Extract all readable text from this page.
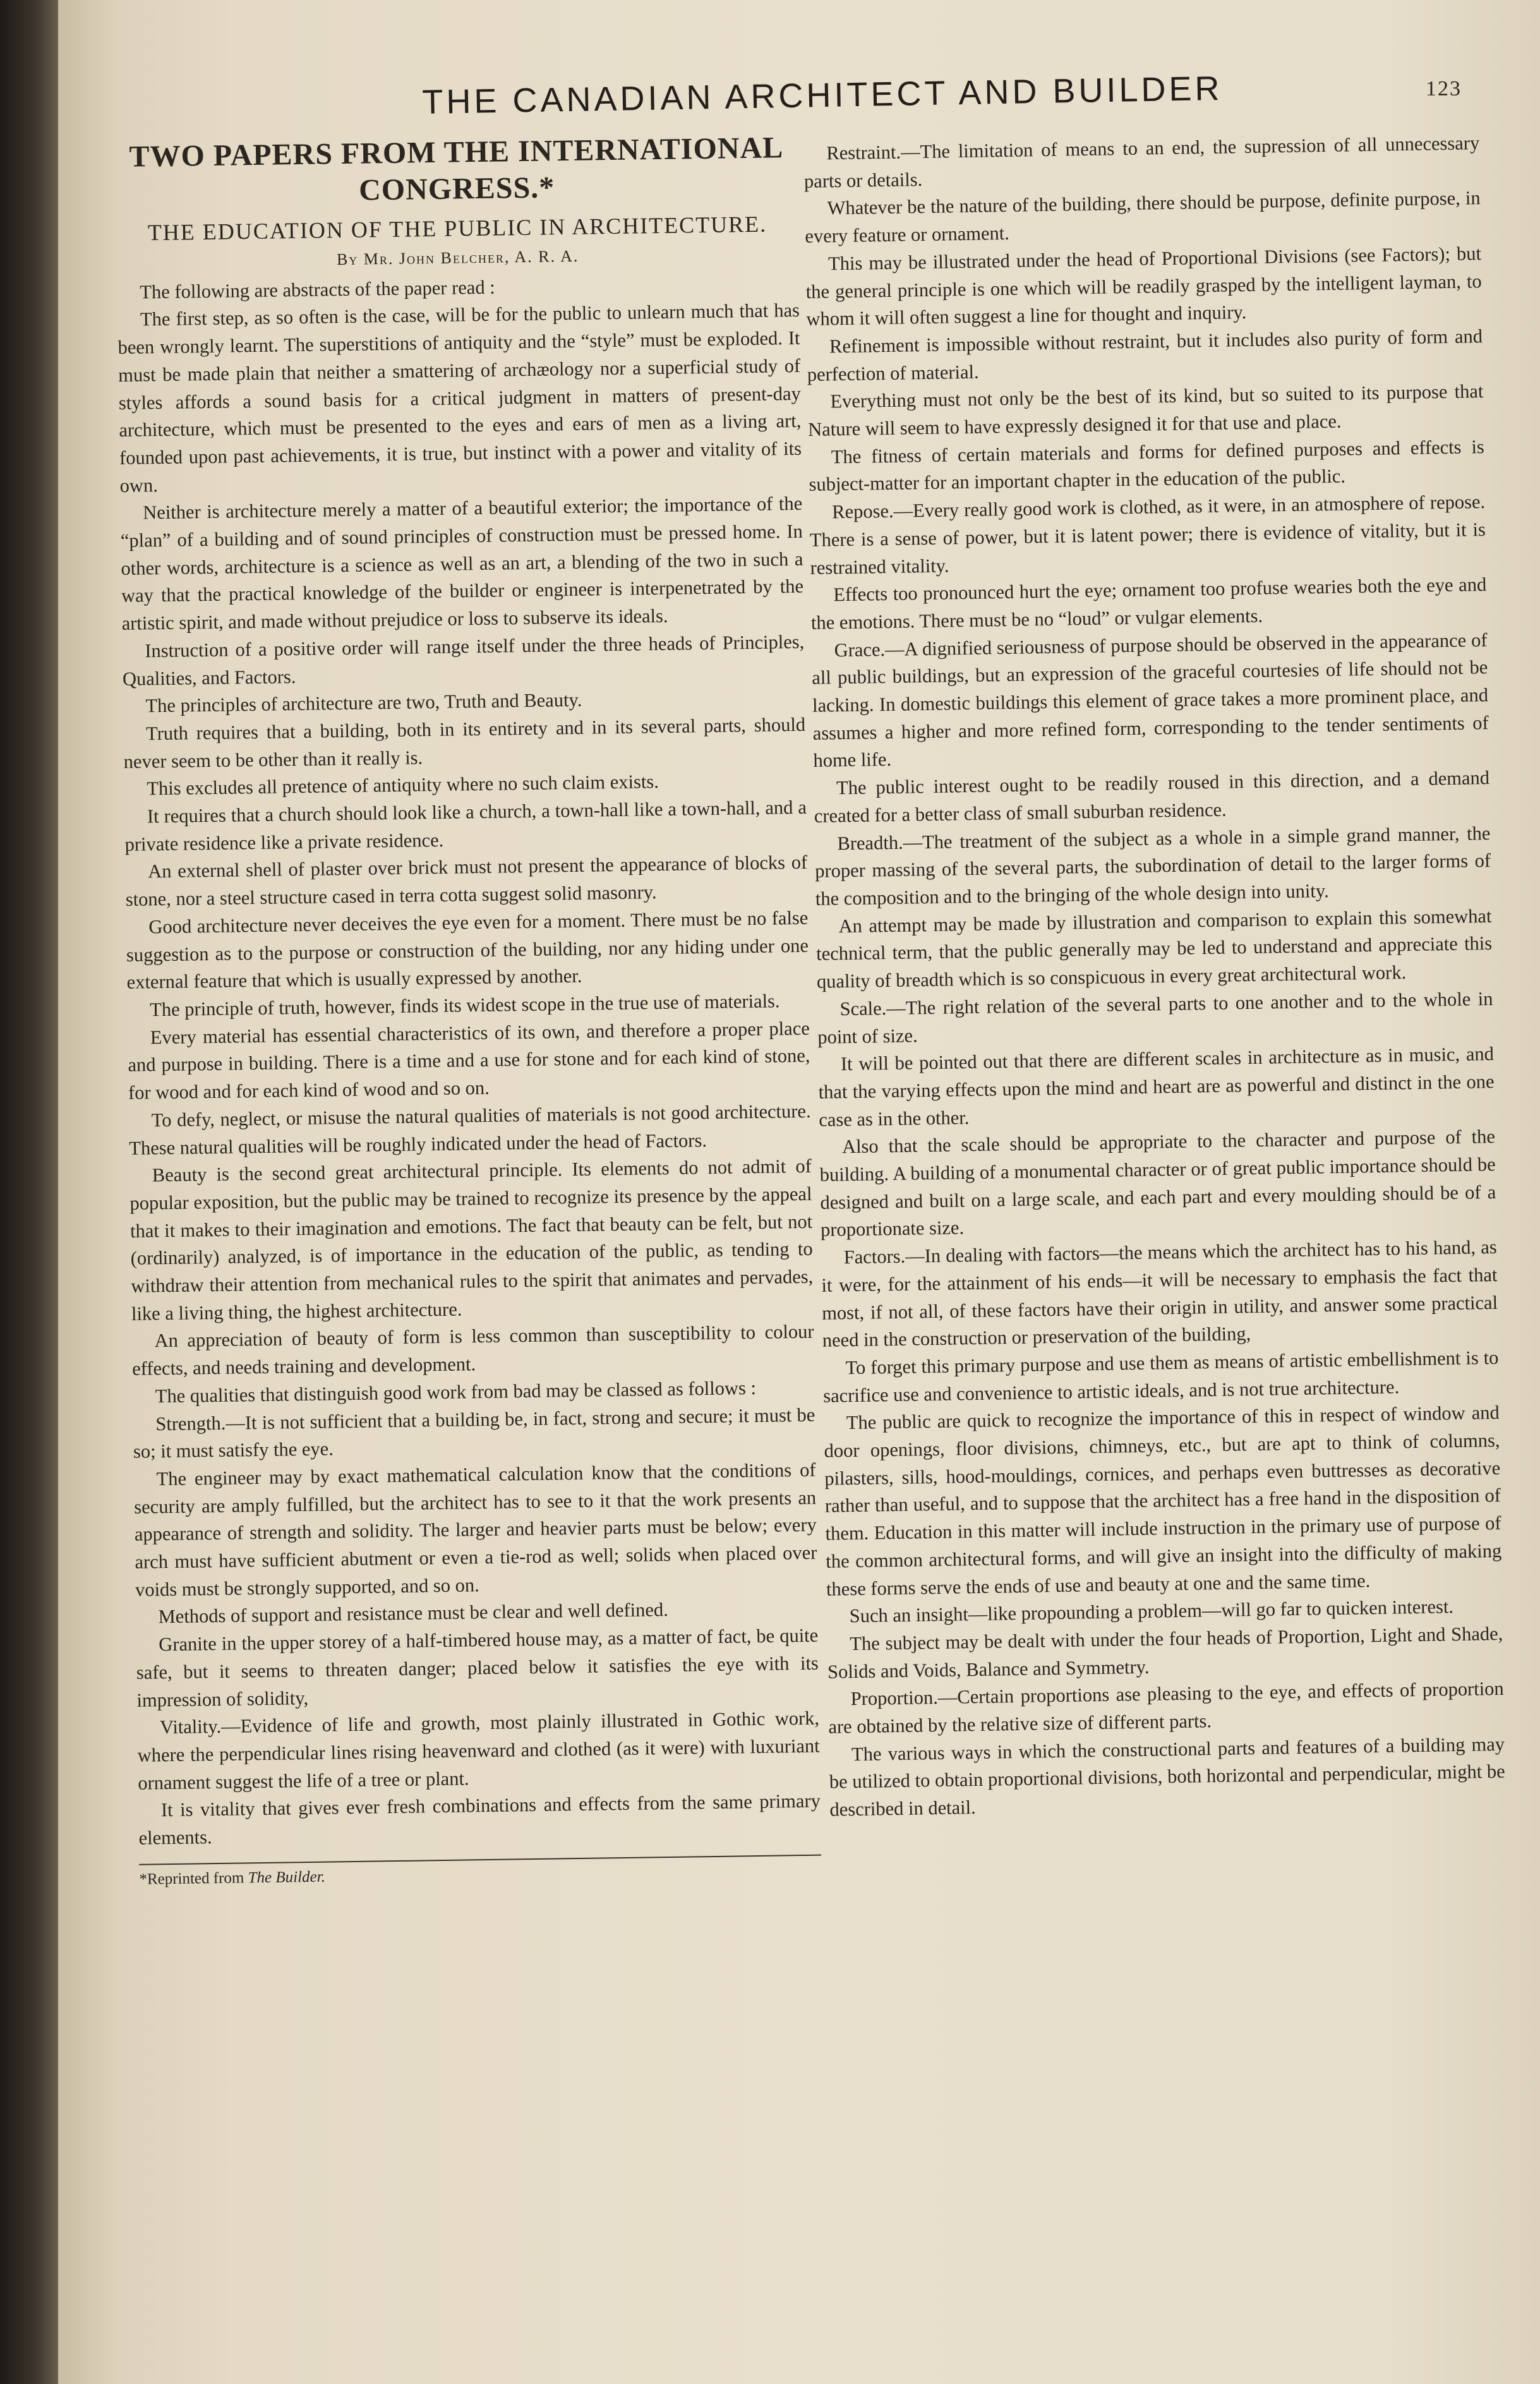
THE CANADIAN ARCHITECT AND BUILDER	123
TWO PAPERS FROM THE INTERNATIONAL CONGRESS.*
THE EDUCATION OF THE PUBLIC IN ARCHITECTURE.
By Mr. John Belcher, A. R. A.

The following are abstracts of the paper read :

The first step, as so often is the case, will be for the public to unlearn much that has been wrongly learnt. The superstitions of antiquity and the “style” must be exploded. It must be made plain that neither a smattering of archæology nor a superficial study of styles affords a sound basis for a critical judgment in matters of present-day architecture, which must be presented to the eyes and ears of men as a living art, founded upon past achievements, it is true, but instinct with a power and vitality of its own.

Neither is architecture merely a matter of a beautiful exterior; the importance of the “plan” of a building and of sound principles of construction must be pressed home. In other words, architecture is a science as well as an art, a blending of the two in such a way that the practical knowledge of the builder or engineer is interpenetrated by the artistic spirit, and made without prejudice or loss to subserve its ideals.

Instruction of a positive order will range itself under the three heads of Principles, Qualities, and Factors.

The principles of architecture are two, Truth and Beauty.

Truth requires that a building, both in its entirety and in its several parts, should never seem to be other than it really is.

This excludes all pretence of antiquity where no such claim exists.

It requires that a church should look like a church, a town-hall like a town-hall, and a private residence like a private residence.

An external shell of plaster over brick must not present the appearance of blocks of stone, nor a steel structure cased in terra cotta suggest solid masonry.

Good architecture never deceives the eye even for a moment. There must be no false suggestion as to the purpose or construction of the building, nor any hiding under one external feature that which is usually expressed by another.

The principle of truth, however, finds its widest scope in the true use of materials.

Every material has essential characteristics of its own, and therefore a proper place and purpose in building. There is a time and a use for stone and for each kind of stone, for wood and for each kind of wood and so on.

To defy, neglect, or misuse the natural qualities of materials is not good architecture. These natural qualities will be roughly indicated under the head of Factors.

Beauty is the second great architectural principle. Its elements do not admit of popular exposition, but the public may be trained to recognize its presence by the appeal that it makes to their imagination and emotions. The fact that beauty can be felt, but not (ordinarily) analyzed, is of importance in the education of the public, as tending to withdraw their attention from mechanical rules to the spirit that animates and pervades, like a living thing, the highest architecture.

An appreciation of beauty of form is less common than susceptibility to colour effects, and needs training and development.

The qualities that distinguish good work from bad may be classed as follows :

Strength.—It is not sufficient that a building be, in fact, strong and secure; it must be so; it must satisfy the eye.

The engineer may by exact mathematical calculation know that the conditions of security are amply fulfilled, but the architect has to see to it that the work presents an appearance of strength and solidity. The larger and heavier parts must be below; every arch must have sufficient abutment or even a tie-rod as well; solids when placed over voids must be strongly supported, and so on.

Methods of support and resistance must be clear and well defined.

Granite in the upper storey of a half-timbered house may, as a matter of fact, be quite safe, but it seems to threaten danger; placed below it satisfies the eye with its impression of solidity,

Vitality.—Evidence of life and growth, most plainly illustrated in Gothic work, where the perpendicular lines rising heavenward and clothed (as it were) with luxuriant ornament suggest the life of a tree or plant.

It is vitality that gives ever fresh combinations and effects from the same primary elements.

*Reprinted from The Builder.

Restraint.—The limitation of means to an end, the supression of all unnecessary parts or details.

Whatever be the nature of the building, there should be purpose, definite purpose, in every feature or ornament.

This may be illustrated under the head of Proportional Divisions (see Factors); but the general principle is one which will be readily grasped by the intelligent layman, to whom it will often suggest a line for thought and inquiry.

Refinement is impossible without restraint, but it includes also purity of form and perfection of material.

Everything must not only be the best of its kind, but so suited to its purpose that Nature will seem to have expressly designed it for that use and place.

The fitness of certain materials and forms for defined purposes and effects is subject-matter for an important chapter in the education of the public.

Repose.—Every really good work is clothed, as it were, in an atmosphere of repose. There is a sense of power, but it is latent power; there is evidence of vitality, but it is restrained vitality.

Effects too pronounced hurt the eye; ornament too profuse wearies both the eye and the emotions. There must be no “loud” or vulgar elements.

Grace.—A dignified seriousness of purpose should be observed in the appearance of all public buildings, but an expression of the graceful courtesies of life should not be lacking. In domestic buildings this element of grace takes a more prominent place, and assumes a higher and more refined form, corresponding to the tender sentiments of home life.

The public interest ought to be readily roused in this direction, and a demand created for a better class of small suburban residence.

Breadth.—The treatment of the subject as a whole in a simple grand manner, the proper massing of the several parts, the subordination of detail to the larger forms of the composition and to the bringing of the whole design into unity.

An attempt may be made by illustration and comparison to explain this somewhat technical term, that the public generally may be led to understand and appreciate this quality of breadth which is so conspicuous in every great architectural work.

Scale.—The right relation of the several parts to one another and to the whole in point of size.

It will be pointed out that there are different scales in architecture as in music, and that the varying effects upon the mind and heart are as powerful and distinct in the one case as in the other.

Also that the scale should be appropriate to the character and purpose of the building. A building of a monumental character or of great public importance should be designed and built on a large scale, and each part and every moulding should be of a proportionate size.

Factors.—In dealing with factors—the means which the architect has to his hand, as it were, for the attainment of his ends—it will be necessary to emphasis the fact that most, if not all, of these factors have their origin in utility, and answer some practical need in the construction or preservation of the building,

To forget this primary purpose and use them as means of artistic embellishment is to sacrifice use and convenience to artistic ideals, and is not true architecture.

The public are quick to recognize the importance of this in respect of window and door openings, floor divisions, chimneys, etc., but are apt to think of columns, pilasters, sills, hood-mouldings, cornices, and perhaps even buttresses as decorative rather than useful, and to suppose that the architect has a free hand in the disposition of them. Education in this matter will include instruction in the primary use of purpose of the common architectural forms, and will give an insight into the difficulty of making these forms serve the ends of use and beauty at one and the same time.

Such an insight—like propounding a problem—will go far to quicken interest.

The subject may be dealt with under the four heads of Proportion, Light and Shade, Solids and Voids, Balance and Symmetry.

Proportion.—Certain proportions ase pleasing to the eye, and effects of proportion are obtained by the relative size of different parts.

The various ways in which the constructional parts and features of a building may be utilized to obtain proportional divisions, both horizontal and perpendicular, might be described in detail.
